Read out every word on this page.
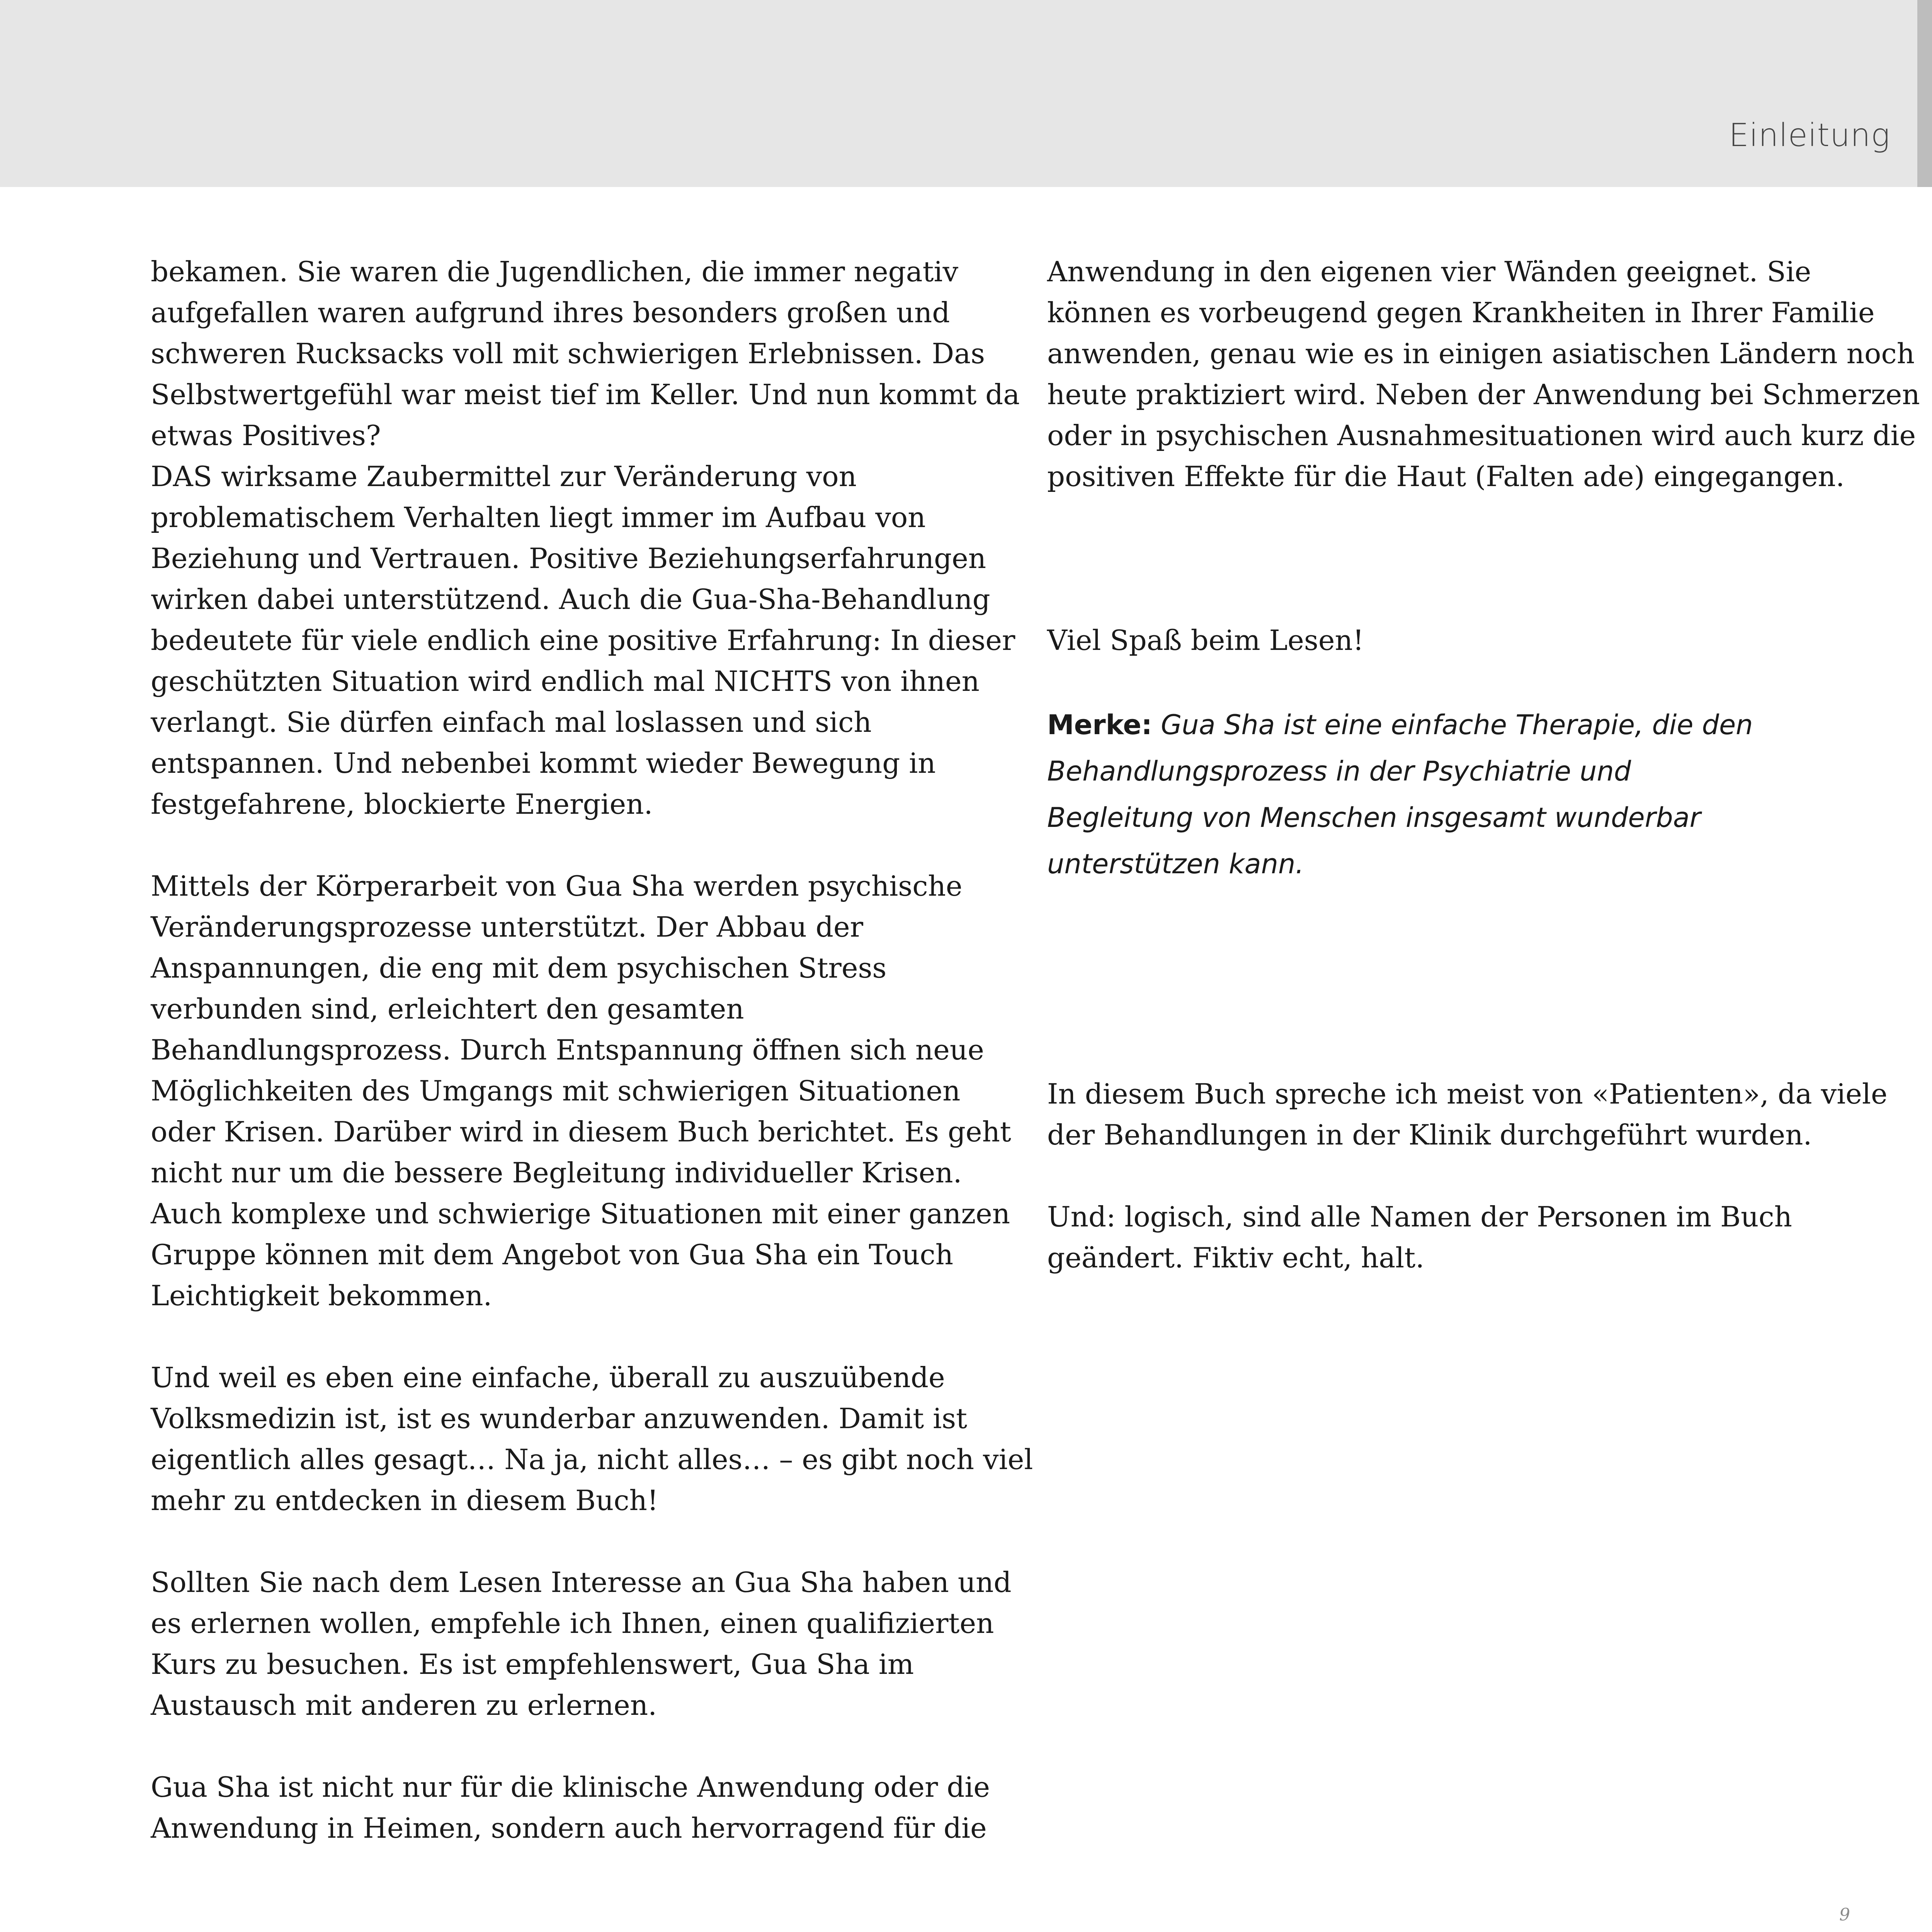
Einleitung

bekamen. Sie waren die Jugendlichen, die immer negativ
aufgefallen waren aufgrund ihres besonders großen und
schweren Rucksacks voll mit schwierigen Erlebnissen. Das
Selbstwertgefühl war meist tief im Keller. Und nun kommt da
etwas Positives?
DAS wirksame Zaubermittel zur Veränderung von
problematischem Verhalten liegt immer im Aufbau von
Beziehung und Vertrauen. Positive Beziehungserfahrungen
wirken dabei unterstützend. Auch die Gua-Sha-Behandlung
bedeutete für viele endlich eine positive Erfahrung: In dieser
geschützten Situation wird endlich mal NICHTS von ihnen
verlangt. Sie dürfen einfach mal loslassen und sich
entspannen. Und nebenbei kommt wieder Bewegung in
festgefahrene, blockierte Energien.

Mittels der Körperarbeit von Gua Sha werden psychische
Veränderungsprozesse unterstützt. Der Abbau der
Anspannungen, die eng mit dem psychischen Stress
verbunden sind, erleichtert den gesamten
Behandlungsprozess. Durch Entspannung öffnen sich neue
Möglichkeiten des Umgangs mit schwierigen Situationen
oder Krisen. Darüber wird in diesem Buch berichtet. Es geht
nicht nur um die bessere Begleitung individueller Krisen.
Auch komplexe und schwierige Situationen mit einer ganzen
Gruppe können mit dem Angebot von Gua Sha ein Touch
Leichtigkeit bekommen.

Und weil es eben eine einfache, überall zu auszuübende
Volksmedizin ist, ist es wunderbar anzuwenden. Damit ist
eigentlich alles gesagt… Na ja, nicht alles… – es gibt noch viel
mehr zu entdecken in diesem Buch!

Sollten Sie nach dem Lesen Interesse an Gua Sha haben und
es erlernen wollen, empfehle ich Ihnen, einen qualifizierten
Kurs zu besuchen. Es ist empfehlenswert, Gua Sha im
Austausch mit anderen zu erlernen.

Gua Sha ist nicht nur für die klinische Anwendung oder die
Anwendung in Heimen, sondern auch hervorragend für die

Anwendung in den eigenen vier Wänden geeignet. Sie
können es vorbeugend gegen Krankheiten in Ihrer Familie
anwenden, genau wie es in einigen asiatischen Ländern noch
heute praktiziert wird. Neben der Anwendung bei Schmerzen
oder in psychischen Ausnahmesituationen wird auch kurz die
positiven Effekte für die Haut (Falten ade) eingegangen.

Viel Spaß beim Lesen!

Merke: Gua Sha ist eine einfache Therapie, die den
Behandlungsprozess in der Psychiatrie und
Begleitung von Menschen insgesamt wunderbar
unterstützen kann.

In diesem Buch spreche ich meist von «Patienten», da viele
der Behandlungen in der Klinik durchgeführt wurden.

Und: logisch, sind alle Namen der Personen im Buch
geändert. Fiktiv echt, halt.

9
